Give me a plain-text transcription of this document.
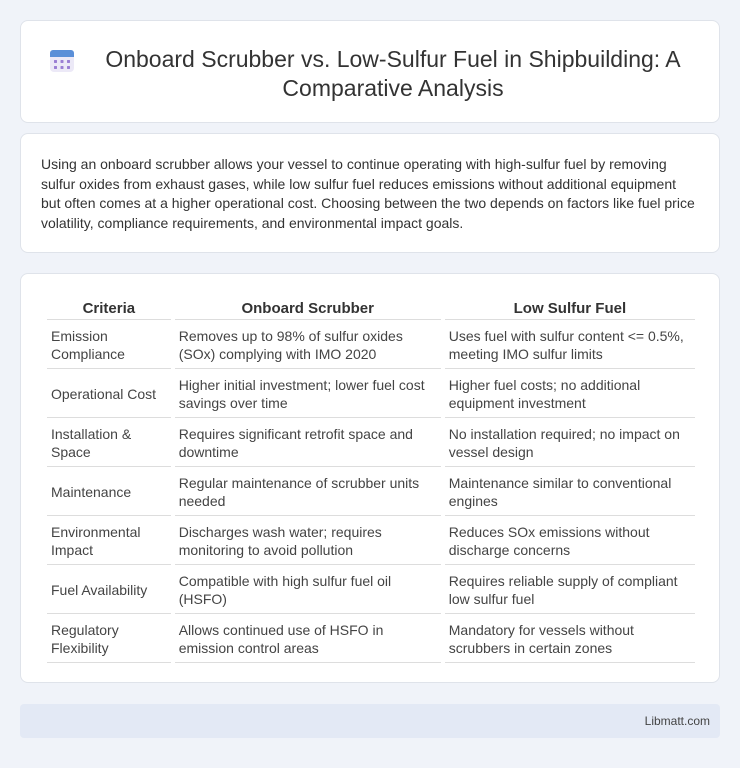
Onboard Scrubber vs. Low-Sulfur Fuel in Shipbuilding: A Comparative Analysis

Using an onboard scrubber allows your vessel to continue operating with high-sulfur fuel by removing sulfur oxides from exhaust gases, while low sulfur fuel reduces emissions without additional equipment but often comes at a higher operational cost. Choosing between the two depends on factors like fuel price volatility, compliance requirements, and environmental impact goals.

Criteria	Onboard Scrubber	Low Sulfur Fuel
Emission Compliance	Removes up to 98% of sulfur oxides (SOx) complying with IMO 2020	Uses fuel with sulfur content <= 0.5%, meeting IMO sulfur limits
Operational Cost	Higher initial investment; lower fuel cost savings over time	Higher fuel costs; no additional equipment investment
Installation & Space	Requires significant retrofit space and downtime	No installation required; no impact on vessel design
Maintenance	Regular maintenance of scrubber units needed	Maintenance similar to conventional engines
Environmental Impact	Discharges wash water; requires monitoring to avoid pollution	Reduces SOx emissions without discharge concerns
Fuel Availability	Compatible with high sulfur fuel oil (HSFO)	Requires reliable supply of compliant low sulfur fuel
Regulatory Flexibility	Allows continued use of HSFO in emission control areas	Mandatory for vessels without scrubbers in certain zones
Libmatt.com
